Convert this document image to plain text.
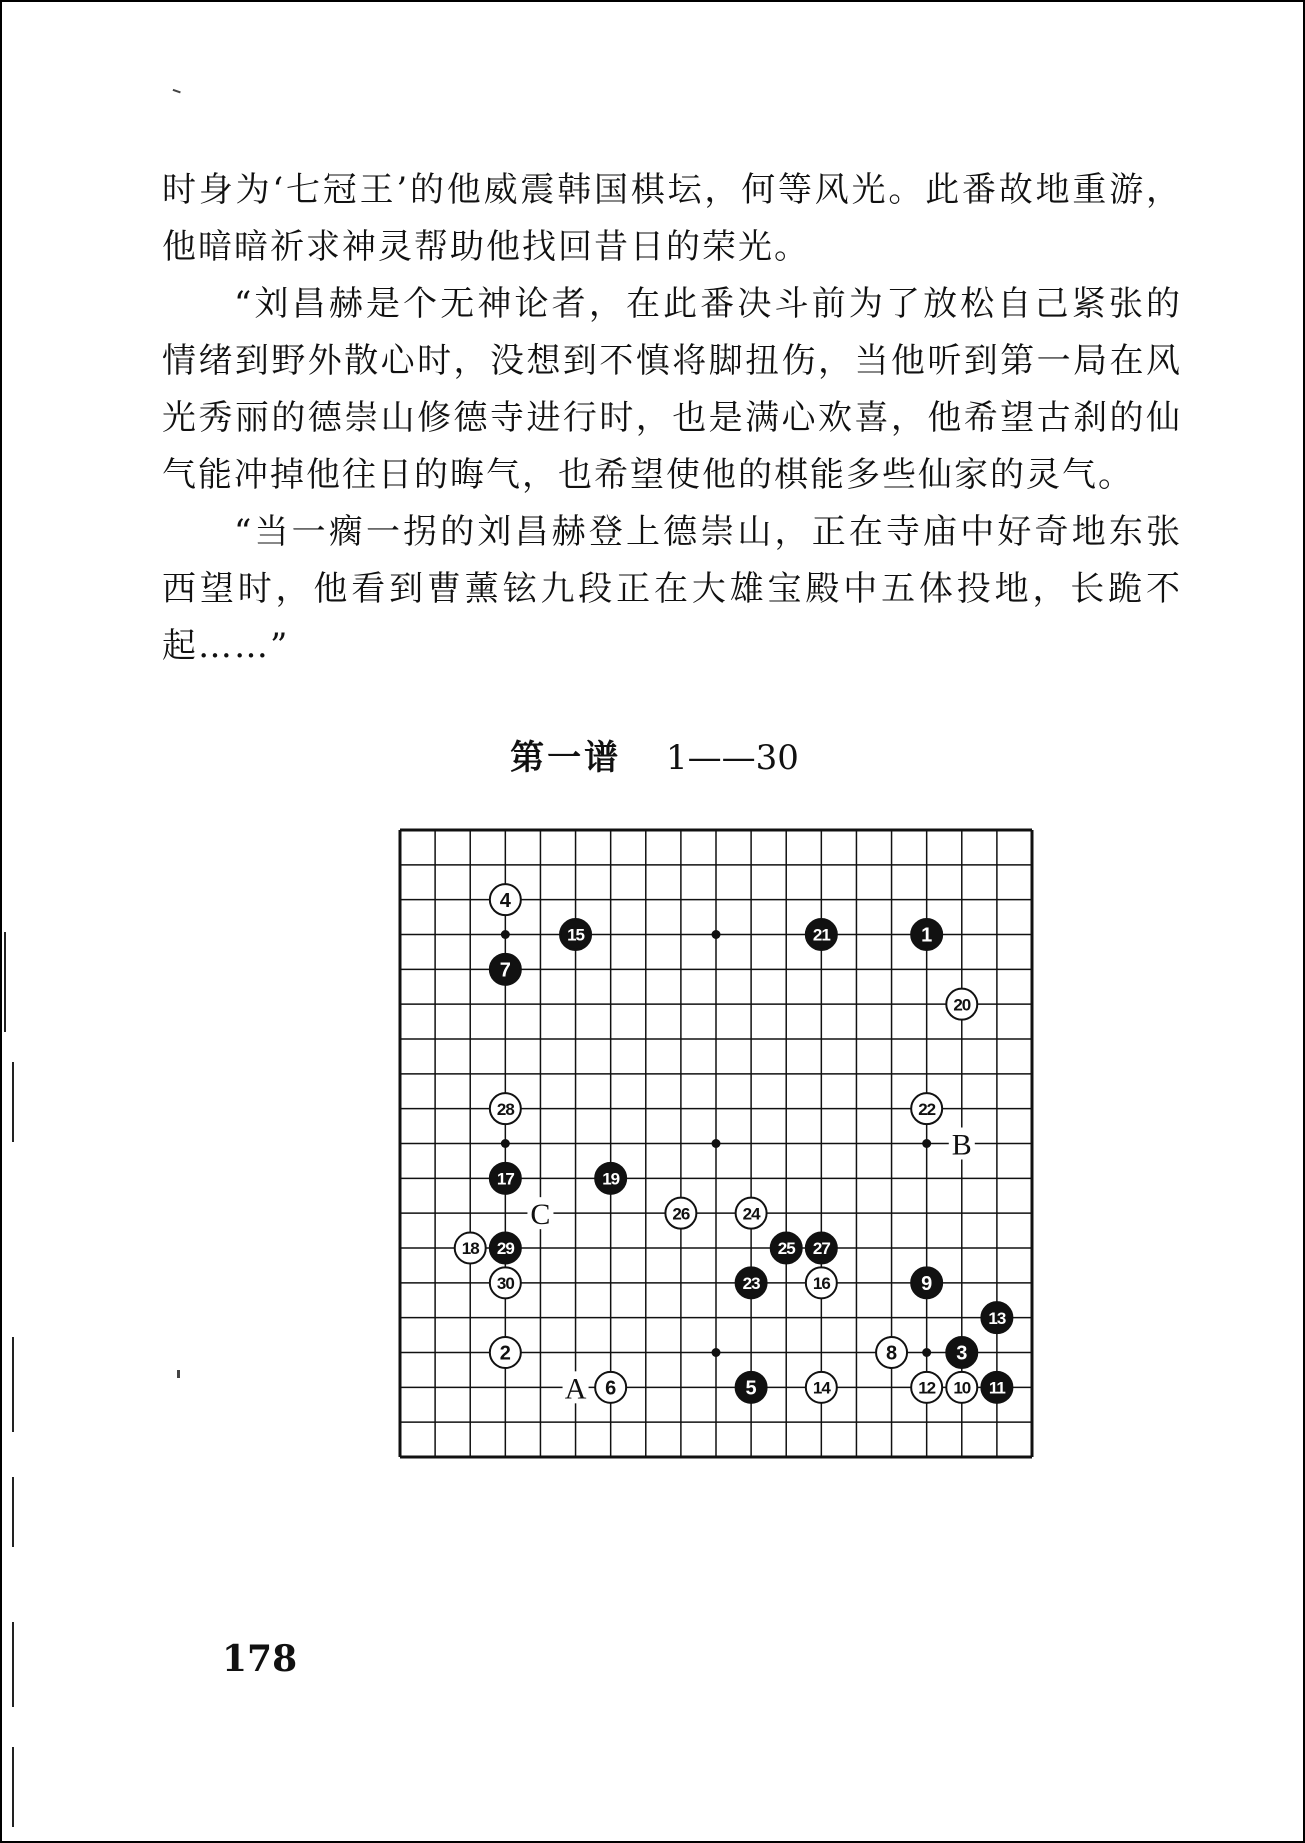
时身为‘七冠王’的他威震韩国棋坛，何等风光。此番故地重游，他暗暗祈求神灵帮助他找回昔日的荣光。

“刘昌赫是个无神论者，在此番决斗前为了放松自己紧张的情绪到野外散心时，没想到不慎将脚扭伤，当他听到第一局在风光秀丽的德崇山修德寺进行时，也是满心欢喜，他希望古刹的仙气能冲掉他往日的晦气，也希望使他的棋能多些仙家的灵气。

“当一瘸一拐的刘昌赫登上德崇山，正在寺庙中好奇地东张西望时，他看到曹薰铉九段正在大雄宝殿中五体投地，长跪不起……”

第一谱 1——30
A
B
C
1
2	3
4
5
6
7
8
9
10 11
12
13
14
15
16
17
18
19
20
21
22
23
24
25
26
27
28
29
30
178
